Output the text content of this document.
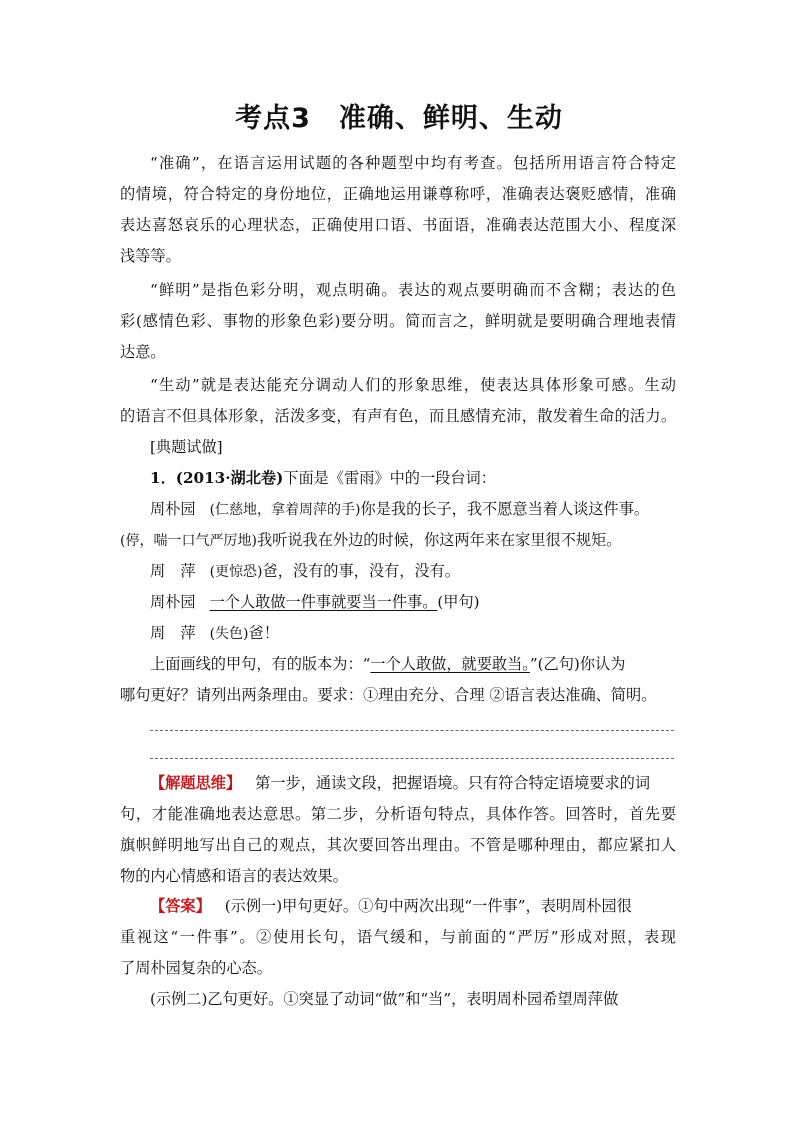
考点3 准确、鲜明、生动
“准确”，在语言运用试题的各种题型中均有考查。包括所用语言符合特定
的情境，符合特定的身份地位，正确地运用谦尊称呼，准确表达褒贬感情，准确
表达喜怒哀乐的心理状态，正确使用口语、书面语，准确表达范围大小、程度深
浅等等。
“鲜明”是指色彩分明，观点明确。表达的观点要明确而不含糊；表达的色
彩(感情色彩、事物的形象色彩)要分明。简而言之，鲜明就是要明确合理地表情
达意。
“生动”就是表达能充分调动人们的形象思维，使表达具体形象可感。生动
的语言不但具体形象，活泼多变，有声有色，而且感情充沛，散发着生命的活力。
[典题试做]
1．(2013·湖北卷)下面是《雷雨》中的一段台词：
周朴园 (仁慈地，拿着周萍的手)你是我的长子，我不愿意当着人谈这件事。
(停，喘一口气严厉地)我听说我在外边的时候，你这两年来在家里很不规矩。
周　萍 (更惊恐)爸，没有的事，没有，没有。
周朴园 一个人敢做一件事就要当一件事。(甲句)
周　萍 (失色)爸！
上面画线的甲句，有的版本为：“一个人敢做，就要敢当。”(乙句)你认为
哪句更好？请列出两条理由。要求：①理由充分、合理 ②语言表达准确、简明。
【解题思维】 第一步，通读文段，把握语境。只有符合特定语境要求的词
句，才能准确地表达意思。第二步，分析语句特点，具体作答。回答时，首先要
旗帜鲜明地写出自己的观点，其次要回答出理由。不管是哪种理由，都应紧扣人
物的内心情感和语言的表达效果。
【答案】 (示例一)甲句更好。①句中两次出现“一件事”，表明周朴园很
重视这“一件事”。②使用长句，语气缓和，与前面的“严厉”形成对照，表现
了周朴园复杂的心态。
(示例二)乙句更好。①突显了动词“做”和“当”，表明周朴园希望周萍做
